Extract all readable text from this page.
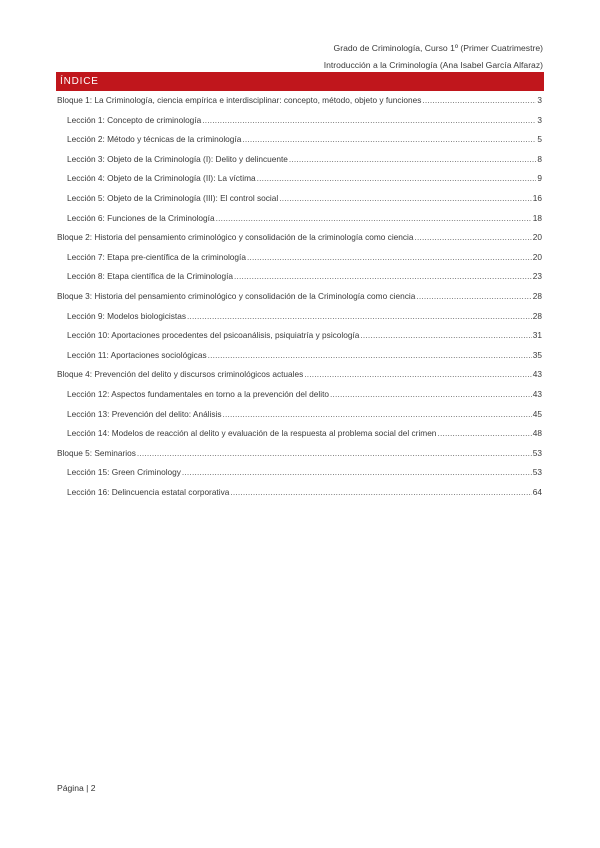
Grado de Criminología, Curso 1º (Primer Cuatrimestre)
Introducción a la Criminología (Ana Isabel García Alfaraz)
ÍNDICE
Bloque 1: La Criminología, ciencia empírica e interdisciplinar: concepto, método, objeto y funciones .....	3
Lección 1: Concepto de criminología .....	3
Lección 2: Método y técnicas de la criminología .....	5
Lección 3: Objeto de la Criminología (I): Delito y delincuente .....	8
Lección 4: Objeto de la Criminología (II): La víctima .....	9
Lección 5: Objeto de la Criminología (III): El control social .....	16
Lección 6: Funciones de la Criminología .....	18
Bloque 2: Historia del pensamiento criminológico y consolidación de la criminología como ciencia .....	20
Lección 7: Etapa pre-científica de la criminología .....	20
Lección 8: Etapa científica de la Criminología .....	23
Bloque 3: Historia del pensamiento criminológico y consolidación de la Criminología como ciencia .....	28
Lección 9: Modelos biologicistas .....	28
Lección 10: Aportaciones procedentes del psicoanálisis, psiquiatría y psicología .....	31
Lección 11: Aportaciones sociológicas .....	35
Bloque 4: Prevención del delito y discursos criminológicos actuales .....	43
Lección 12: Aspectos fundamentales en torno a la prevención del delito .....	43
Lección 13: Prevención del delito: Análisis .....	45
Lección 14: Modelos de reacción al delito y evaluación de la respuesta al problema social del crimen .....	48
Bloque 5: Seminarios .....	53
Lección 15: Green Criminology .....	53
Lección 16: Delincuencia estatal corporativa .....	64
Página | 2
